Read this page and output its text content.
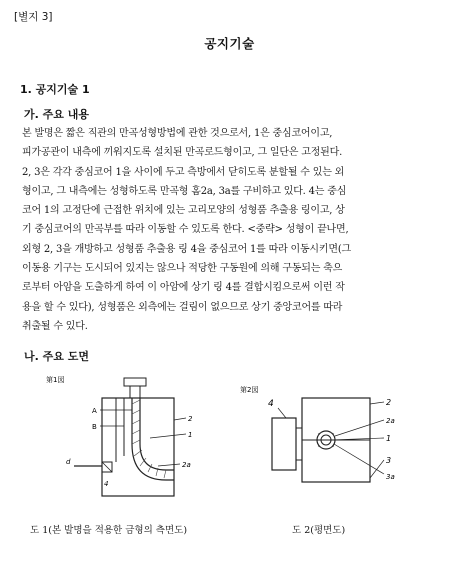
[별지 3]
공지기술
1. 공지기술 1
가. 주요 내용
본 발명은 짧은 직관의 만곡성형방법에 관한 것으로서, 1은 중심코어이고,
피가공관이 내측에 끼워지도록 설치된 만곡로드형이고, 그 일단은 고정된다.
2, 3은 각각 중심코어 1을 사이에 두고 측방에서 닫히도록 분할될 수 있는 외
형이고, 그 내측에는 성형하도록 만곡형 홈2a, 3a를 구비하고 있다. 4는 중심
코어 1의 고정단에 근접한 위치에 있는 고리모양의 성형품 추출용 링이고, 상
기 중심코어의 만곡부를 따라 이동할 수 있도록 한다. <중략> 성형이 끝나면,
외형 2, 3을 개방하고 성형품 추출용 링 4을 중심코어 1를 따라 이동시키면(그
이동용 기구는 도시되어 있지는 않으나 적당한 구동원에 의해 구동되는 축으
로부터 아암을 도출하게 하여 이 아암에 상기 링 4를 결합시킴으로써 이런 작
용을 할 수 있다), 성형품은 외측에는 걸림이 없으므로 상기 중앙코어를 따라
취출될 수 있다.
나. 주요 도면
第1図
A
B
2
1
d	2a
4
第2図
4	2
2a
1
3
3a
도 1(본 발명을 적용한 금형의 측면도)	도 2(평면도)
